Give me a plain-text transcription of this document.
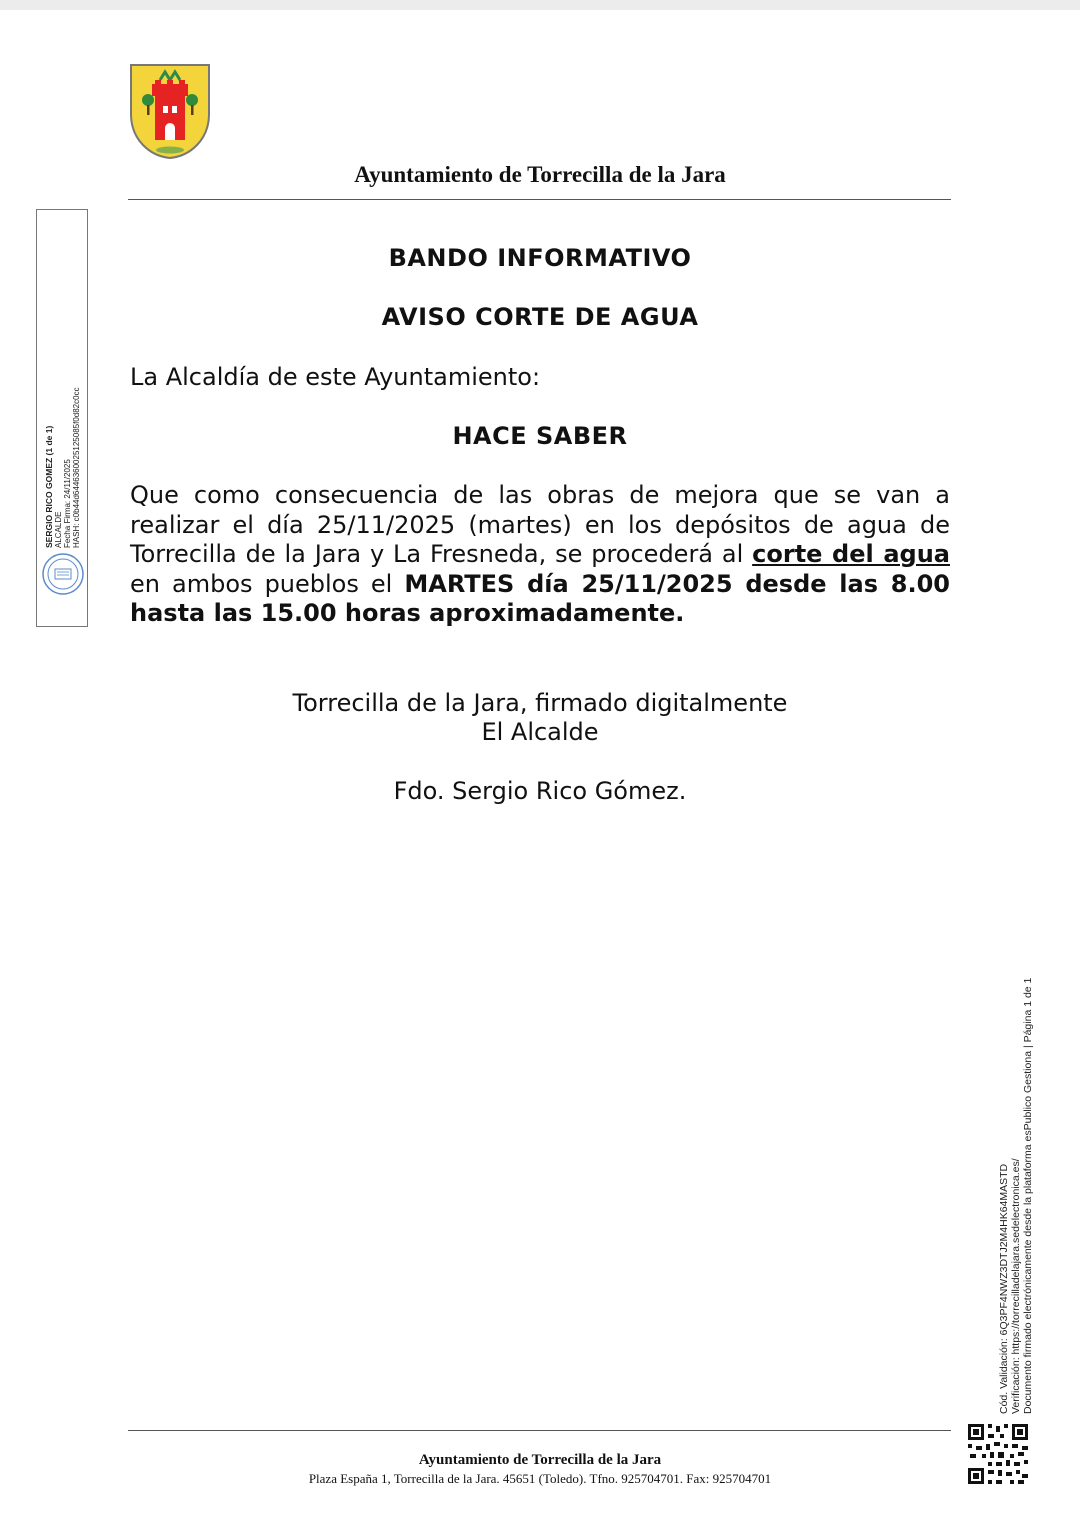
Ayuntamiento de Torrecilla de la Jara
SERGIO RICO GOMEZ (1 de 1) ALCALDE Fecha Firma: 24/11/2025 HASH: c0b44d6446360025125085f0d82c0cc
BANDO INFORMATIVO
AVISO CORTE DE AGUA
La Alcaldía de este Ayuntamiento:
HACE SABER
Que como consecuencia de las obras de mejora que se van a realizar el día 25/11/2025 (martes) en los depósitos de agua de Torrecilla de la Jara y La Fresneda, se procederá al corte del agua en ambos pueblos el MARTES día 25/11/2025 desde las 8.00 hasta las 15.00 horas aproximadamente.
Torrecilla de la Jara, firmado digitalmente
El Alcalde
Fdo. Sergio Rico Gómez.
Cód. Validación: 6Q3PF4NWZ3DTJ2M4HK64MASTD Verificación: https://torrecilladelajara.sedelectronica.es/ Documento firmado electrónicamente desde la plataforma esPublico Gestiona | Página 1 de 1
Ayuntamiento de Torrecilla de la Jara
Plaza España 1, Torrecilla de la Jara. 45651 (Toledo). Tfno. 925704701. Fax: 925704701
